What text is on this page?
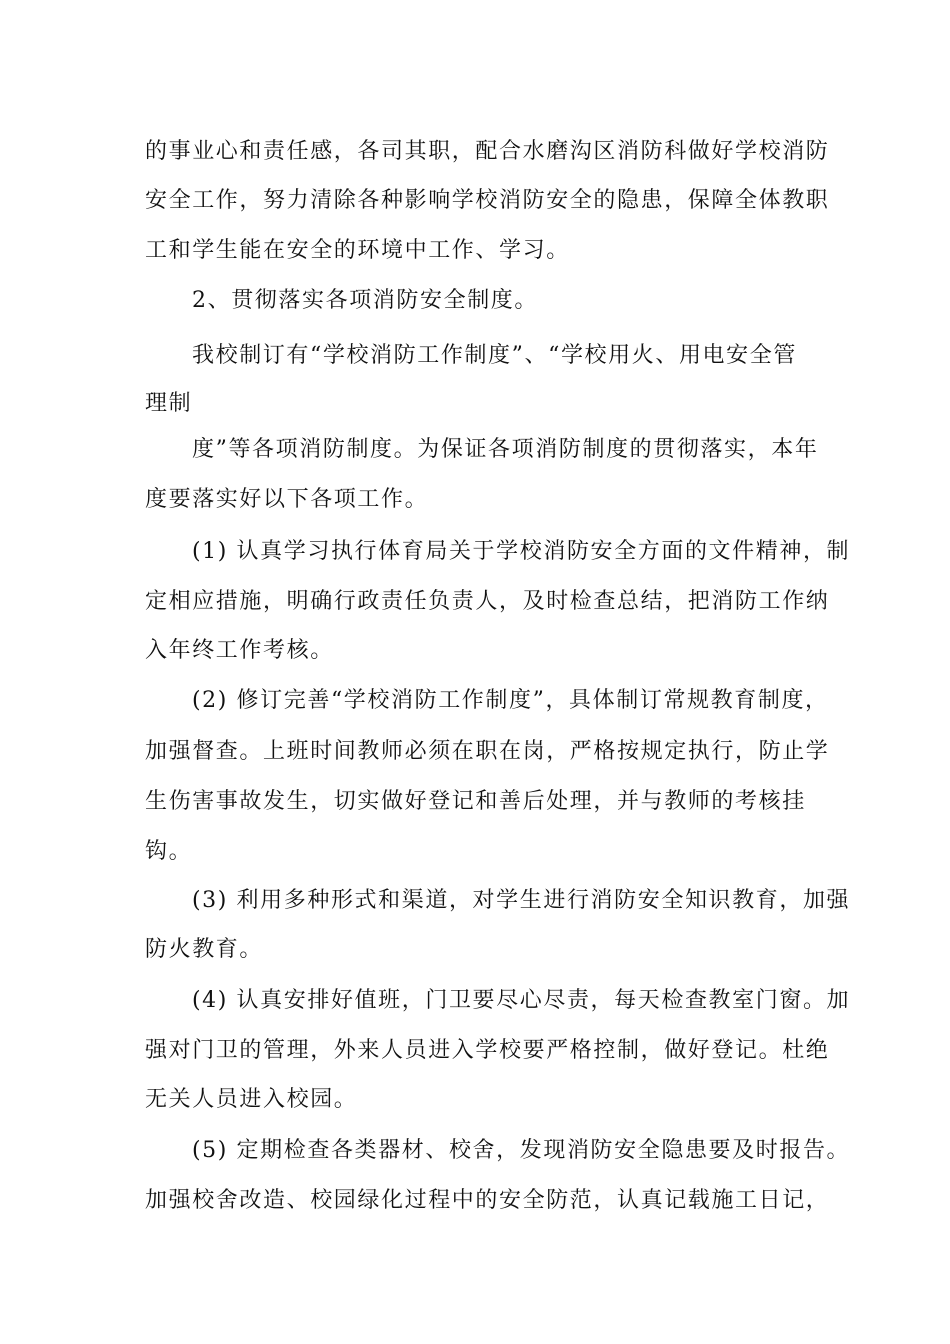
的事业心和责任感，各司其职，配合水磨沟区消防科做好学校消防
安全工作，努力清除各种影响学校消防安全的隐患，保障全体教职
工和学生能在安全的环境中工作、学习。
2、贯彻落实各项消防安全制度。
我校制订有“学校消防工作制度”、“学校用火、用电安全管理制
度”等各项消防制度。为保证各项消防制度的贯彻落实，本年
度要落实好以下各项工作。
(1) 认真学习执行体育局关于学校消防安全方面的文件精神，制
定相应措施，明确行政责任负责人，及时检查总结，把消防工作纳
入年终工作考核。
(2) 修订完善“学校消防工作制度”，具体制订常规教育制度，
加强督查。上班时间教师必须在职在岗，严格按规定执行，防止学
生伤害事故发生，切实做好登记和善后处理，并与教师的考核挂
钩。
(3) 利用多种形式和渠道，对学生进行消防安全知识教育，加强
防火教育。
(4) 认真安排好值班，门卫要尽心尽责，每天检查教室门窗。加
强对门卫的管理，外来人员进入学校要严格控制，做好登记。杜绝
无关人员进入校园。
(5) 定期检查各类器材、校舍，发现消防安全隐患要及时报告。
加强校舍改造、校园绿化过程中的安全防范，认真记载施工日记，
